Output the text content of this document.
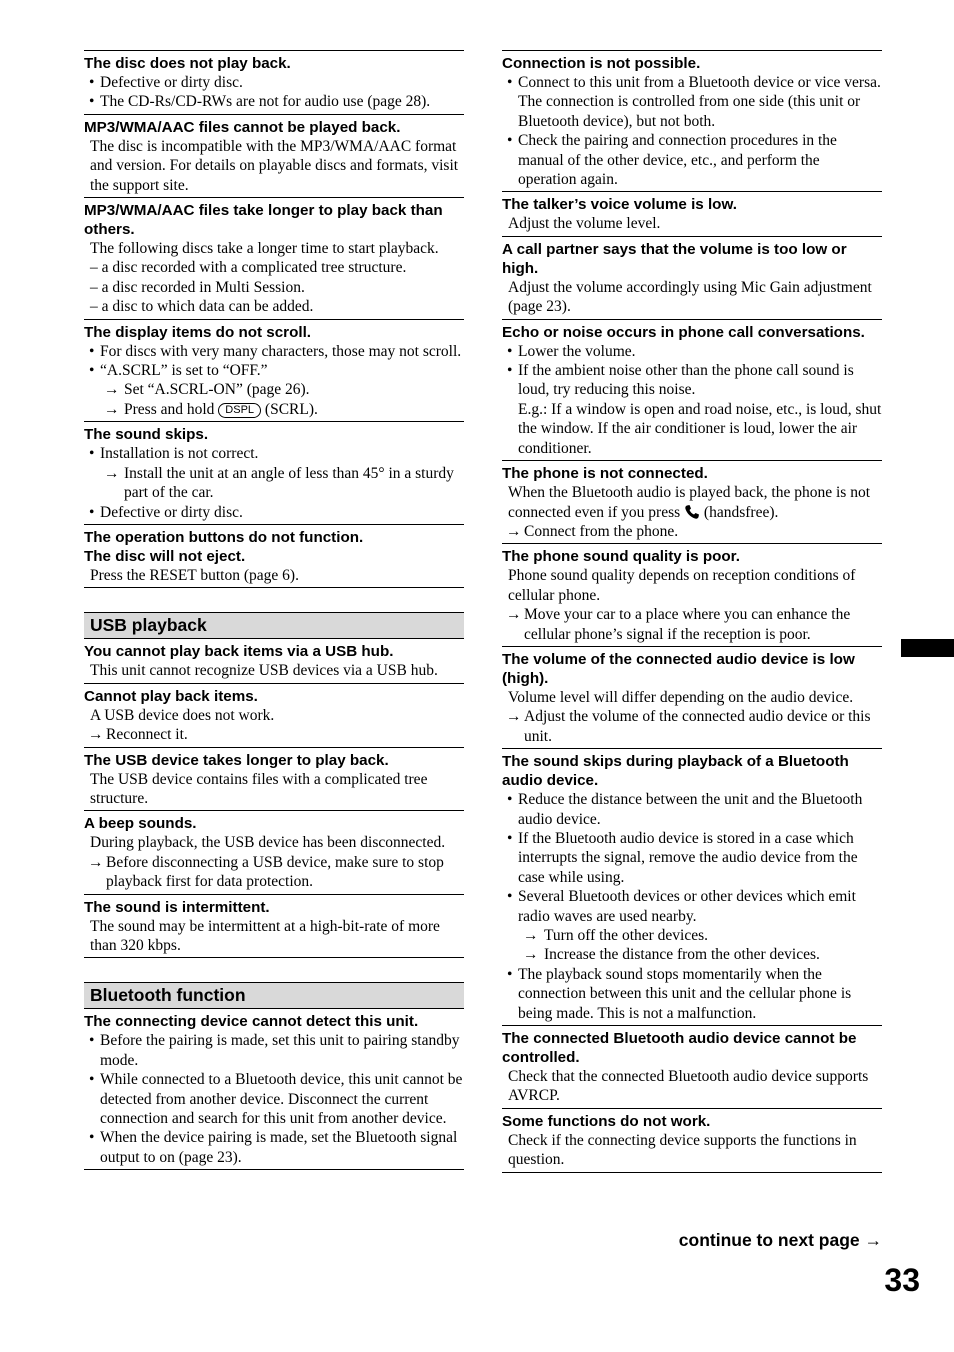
The disc does not play back.
• Defective or dirty disc.
• The CD-Rs/CD-RWs are not for audio use (page 28).
MP3/WMA/AAC files cannot be played back.
The disc is incompatible with the MP3/WMA/AAC format and version. For details on playable discs and formats, visit the support site.
MP3/WMA/AAC files take longer to play back than others.
The following discs take a longer time to start playback.
– a disc recorded with a complicated tree structure.
– a disc recorded in Multi Session.
– a disc to which data can be added.
The display items do not scroll.
• For discs with very many characters, those may not scroll.
• “A.SCRL” is set to “OFF.”
→ Set “A.SCRL-ON” (page 26).
→ Press and hold DSPL (SCRL).
The sound skips.
• Installation is not correct.
→ Install the unit at an angle of less than 45° in a sturdy part of the car.
• Defective or dirty disc.
The operation buttons do not function.
The disc will not eject.
Press the RESET button (page 6).
USB playback
You cannot play back items via a USB hub.
This unit cannot recognize USB devices via a USB hub.
Cannot play back items.
A USB device does not work.
→ Reconnect it.
The USB device takes longer to play back.
The USB device contains files with a complicated tree structure.
A beep sounds.
During playback, the USB device has been disconnected.
→ Before disconnecting a USB device, make sure to stop playback first for data protection.
The sound is intermittent.
The sound may be intermittent at a high-bit-rate of more than 320 kbps.
Bluetooth function
The connecting device cannot detect this unit.
• Before the pairing is made, set this unit to pairing standby mode.
• While connected to a Bluetooth device, this unit cannot be detected from another device. Disconnect the current connection and search for this unit from another device.
• When the device pairing is made, set the Bluetooth signal output to on (page 23).
Connection is not possible.
• Connect to this unit from a Bluetooth device or vice versa. The connection is controlled from one side (this unit or Bluetooth device), but not both.
• Check the pairing and connection procedures in the manual of the other device, etc., and perform the operation again.
The talker’s voice volume is low.
Adjust the volume level.
A call partner says that the volume is too low or high.
Adjust the volume accordingly using Mic Gain adjustment (page 23).
Echo or noise occurs in phone call conversations.
• Lower the volume.
• If the ambient noise other than the phone call sound is loud, try reducing this noise.
E.g.: If a window is open and road noise, etc., is loud, shut the window. If the air conditioner is loud, lower the air conditioner.
The phone is not connected.
When the Bluetooth audio is played back, the phone is not connected even if you press (handsfree).
→ Connect from the phone.
The phone sound quality is poor.
Phone sound quality depends on reception conditions of cellular phone.
→ Move your car to a place where you can enhance the cellular phone’s signal if the reception is poor.
The volume of the connected audio device is low (high).
Volume level will differ depending on the audio device.
→ Adjust the volume of the connected audio device or this unit.
The sound skips during playback of a Bluetooth audio device.
• Reduce the distance between the unit and the Bluetooth audio device.
• If the Bluetooth audio device is stored in a case which interrupts the signal, remove the audio device from the case while using.
• Several Bluetooth devices or other devices which emit radio waves are used nearby.
→ Turn off the other devices.
→ Increase the distance from the other devices.
• The playback sound stops momentarily when the connection between this unit and the cellular phone is being made. This is not a malfunction.
The connected Bluetooth audio device cannot be controlled.
Check that the connected Bluetooth audio device supports AVRCP.
Some functions do not work.
Check if the connecting device supports the functions in question.
continue to next page →
33
